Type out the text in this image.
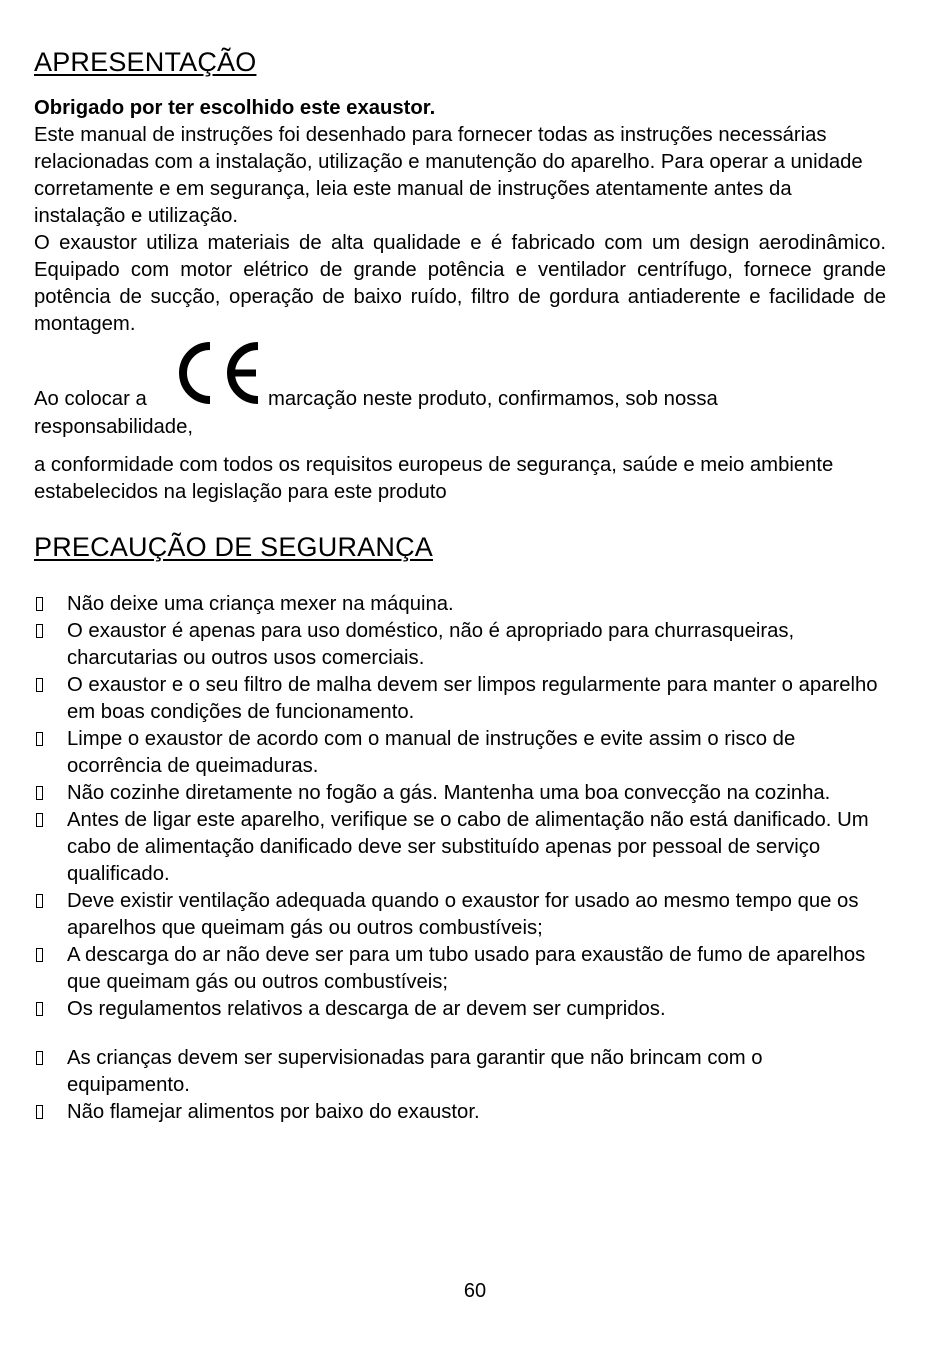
APRESENTAÇÃO

Obrigado por ter escolhido este exaustor.

Este manual de instruções foi desenhado para fornecer todas as instruções necessárias relacionadas com a instalação, utilização e manutenção do aparelho. Para operar a unidade corretamente e em segurança, leia este manual de instruções atentamente antes da instalação e utilização.

O exaustor utiliza materiais de alta qualidade e é fabricado com um design aerodinâmico. Equipado com motor elétrico de grande potência e ventilador centrífugo, fornece grande potência de sucção, operação de baixo ruído, filtro de gordura antiaderente e facilidade de montagem.

Ao colocar a	marcação neste produto, confirmamos, sob nossa
responsabilidade,

a conformidade com todos os requisitos europeus de segurança, saúde e meio ambiente estabelecidos na legislação para este produto

PRECAUÇÃO DE SEGURANÇA
Não deixe uma criança mexer na máquina.
O exaustor é apenas para uso doméstico, não é apropriado para churrasqueiras, charcutarias ou outros usos comerciais.
O exaustor e o seu filtro de malha devem ser limpos regularmente para manter o aparelho em boas condições de funcionamento.
Limpe o exaustor de acordo com o manual de instruções e evite assim o risco de ocorrência de queimaduras.
Não cozinhe diretamente no fogão a gás. Mantenha uma boa convecção na cozinha.
Antes de ligar este aparelho, verifique se o cabo de alimentação não está danificado. Um cabo de alimentação danificado deve ser substituído apenas por pessoal de serviço qualificado.
Deve existir ventilação adequada quando o exaustor for usado ao mesmo tempo que os aparelhos que queimam gás ou outros combustíveis;
A descarga do ar não deve ser para um tubo usado para exaustão de fumo de aparelhos que queimam gás ou outros combustíveis;
Os regulamentos relativos a descarga de ar devem ser cumpridos.
As crianças devem ser supervisionadas para garantir que não brincam com o equipamento.
Não flamejar alimentos por baixo do exaustor.
60
